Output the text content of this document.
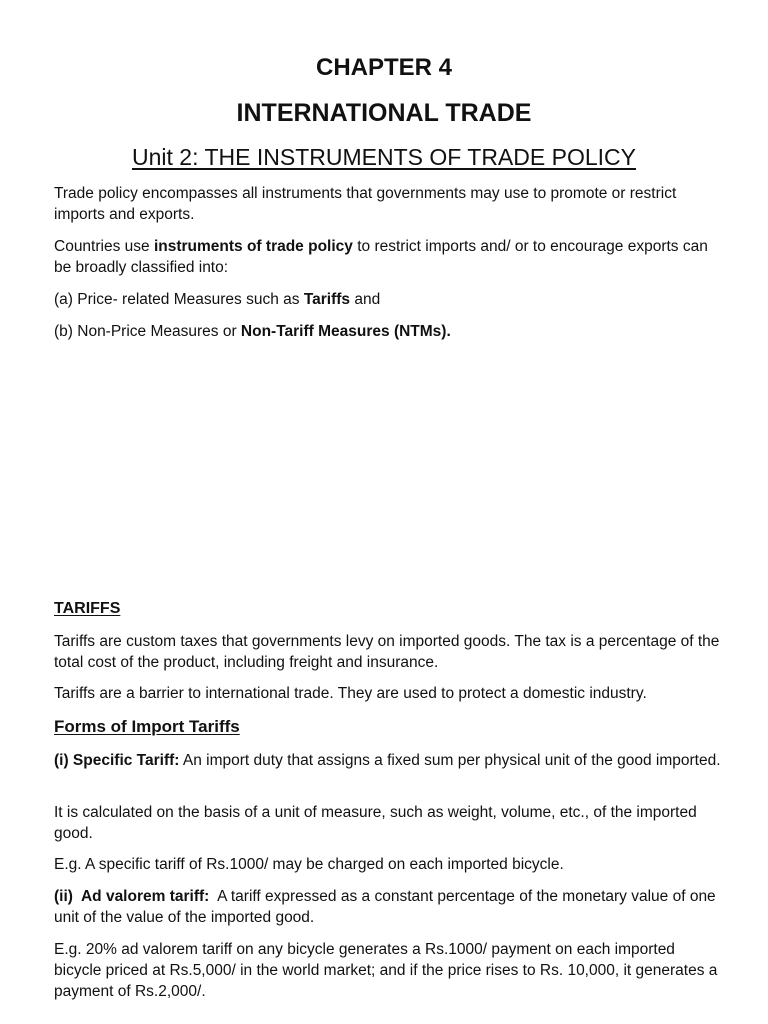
CHAPTER 4
INTERNATIONAL TRADE
Unit 2: THE INSTRUMENTS OF TRADE POLICY

Trade policy encompasses all instruments that governments may use to promote or restrict imports and exports.

Countries use instruments of trade policy to restrict imports and/ or to encourage exports can be broadly classified into:

(a) Price- related Measures such as Tariffs and

(b) Non-Price Measures or Non-Tariff Measures (NTMs).

TARIFFS

Tariffs are custom taxes that governments levy on imported goods. The tax is a percentage of the total cost of the product, including freight and insurance.

Tariffs are a barrier to international trade. They are used to protect a domestic industry.

Forms of Import Tariffs

(i) Specific Tariff: An import duty that assigns a fixed sum per physical unit of the good imported.

It is calculated on the basis of a unit of measure, such as weight, volume, etc., of the imported good.

E.g. A specific tariff of Rs.1000/ may be charged on each imported bicycle.

(ii)  Ad valorem tariff:  A tariff expressed as a constant percentage of the monetary value of one unit of the value of the imported good.

E.g. 20% ad valorem tariff on any bicycle generates a Rs.1000/ payment on each imported bicycle priced at Rs.5,000/ in the world market; and if the price rises to Rs. 10,000, it generates a payment of Rs.2,000/.
